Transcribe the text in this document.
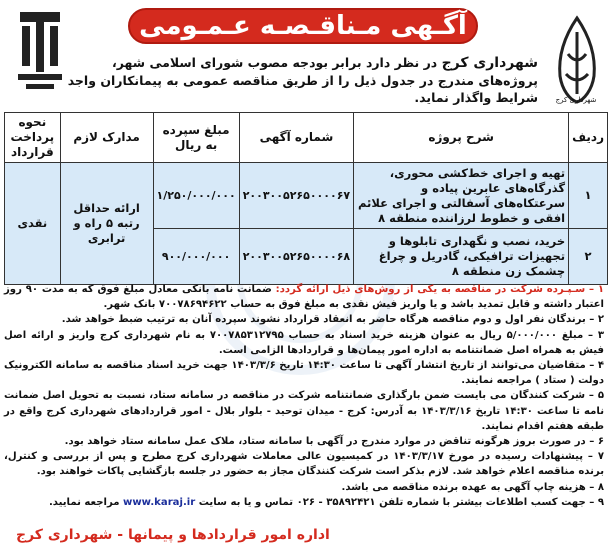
شهرداری کرج
آگـهی مـناقـصـه عـمـومی
شهرداری کرج در نظر دارد برابر بودجه مصوب شورای اسلامی شهر،
پروژه‌های مندرج در جدول ذیل را از طریق مناقصه عمومی به پیمانکاران واجد شرایط واگذار نماید.
ردیف	شرح پروژه	شماره آگهی	مبلغ سپرده به ریال	مدارک لازم	نحوه پرداخت قرارداد
۱	تهیه و اجرای خط‌کشی محوری، گذرگاه‌های عابرین پیاده و سرعتکاه‌های آسفالتی و اجرای علائم افقی و خطوط لرزاننده منطقه ۸	۲۰۰۳۰۰۵۲۶۵۰۰۰۰۶۷	۱/۲۵۰/۰۰۰/۰۰۰	ارائه حداقل رتبه ۵ راه و ترابری	نقدی
۲	خرید، نصب و نگهداری تابلوها و تجهیزات ترافیکی، گادریل و چراغ چشمک زن منطقه ۸	۲۰۰۳۰۰۵۲۶۵۰۰۰۰۶۸	۹۰۰/۰۰۰/۰۰۰		
۱ – سـپـرده شرکت در مناقصه به یکی از روش‌های ذیل ارائه گردد: ضمانت نامه بانکی معادل مبلغ فوق که به مدت ۹۰ روز اعتبار داشته و قابل تمدید باشد و یا واریز فیش نقدی به مبلغ فوق به حساب ۷۰۰۷۸۶۹۴۶۲۲ بانک شهر.
۲ – برندگان نفر اول و دوم مناقصه هرگاه حاضر به انعقاد قرارداد نشوند سپرده آنان به ترتیب ضبط خواهد شد.
۳ – مبلغ ۵/۰۰۰/۰۰۰ ریال به عنوان هزینه خرید اسناد به حساب ۷۰۰۷۸۵۳۱۲۷۹۵ به نام شهرداری کرج واریز و ارائه اصل فیش به همراه اصل ضمانتنامه به اداره امور پیمان‌ها و قراردادها الزامی است.
۴ – متقاضیان می‌توانند از تاریخ انتشار آگهی تا ساعت ۱۴:۳۰ تاریخ ۱۴۰۳/۳/۶ جهت خرید اسناد مناقصه به سامانه الکترونیک دولت ( ستاد ) مراجعه نمایند.
۵ – شرکت کنندگان می بایست ضمن بارگذاری ضمانتنامه شرکت در مناقصه در سامانه ستاد، نسبت به تحویل اصل ضمانت نامه تا ساعت ۱۴:۳۰ تاریخ ۱۴۰۳/۳/۱۶ به آدرس: کرج - میدان توحید - بلوار بلال - امور قراردادهای شهرداری کرج واقع در طبقه هفتم اقدام نمایند.
۶ – در صورت بروز هرگونه تناقض در موارد مندرج در آگهی با سامانه ستاد، ملاک عمل سامانه ستاد خواهد بود.
۷ – پیشنهادات رسیده در مورخ ۱۴۰۳/۳/۱۷ در کمیسیون عالی معاملات شهرداری کرج مطرح و پس از بررسی و کنترل، برنده مناقصه اعلام خواهد شد. لازم بذکر است شرکت کنندگان مجاز به حضور در جلسه بازگشایی پاکات خواهند بود.
۸ – هزینه چاپ آگهی به عهده برنده مناقصه می باشد.
۹ – جهت کسب اطلاعات بیشتر با شماره تلفن ۳۵۸۹۲۴۲۱ - ۰۲۶ تماس و یا به سایت www.karaj.ir مراجعه نمایید.
اداره امور قراردادها و پیمانها - شهرداری کرج
